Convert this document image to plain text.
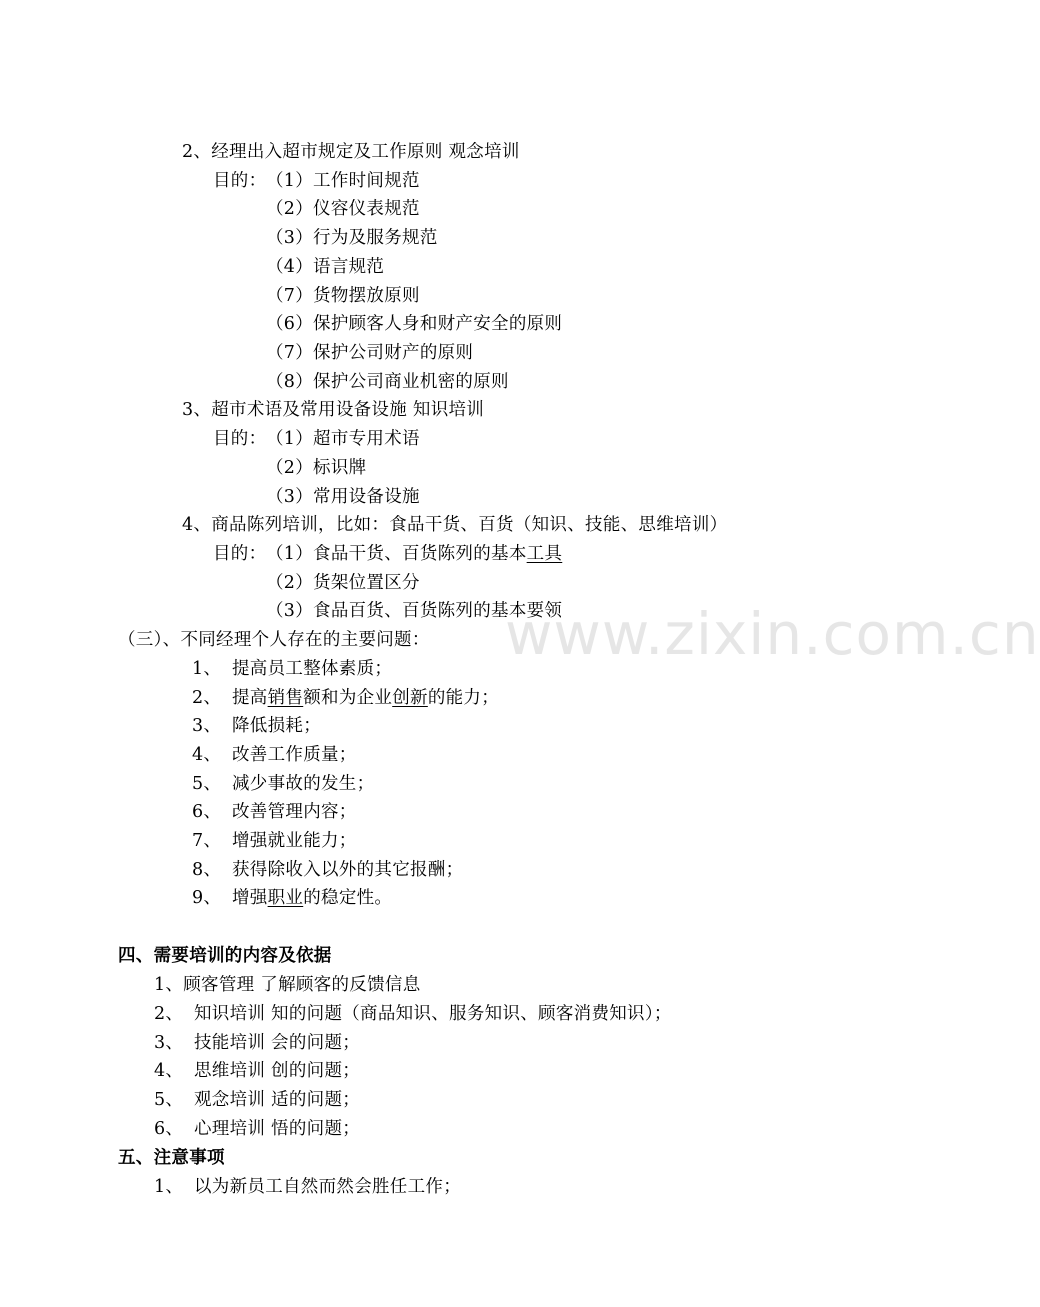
www.zixin.com.cn
2、经理出入超市规定及工作原则 观念培训
目的： （1）工作时间规范
（2）仪容仪表规范
（3）行为及服务规范
（4）语言规范
（7）货物摆放原则
（6）保护顾客人身和财产安全的原则
（7）保护公司财产的原则
（8）保护公司商业机密的原则
3、超市术语及常用设备设施 知识培训
目的： （1）超市专用术语
（2）标识牌
（3）常用设备设施
4、商品陈列培训，比如：食品干货、百货（知识、技能、思维培训）
目的： （1）食品干货、百货陈列的基本工具
（2）货架位置区分
（3）食品百货、百货陈列的基本要领
（三）、不同经理个人存在的主要问题：
1、 提高员工整体素质；
2、 提高销售额和为企业创新的能力；
3、 降低损耗；
4、 改善工作质量；
5、 减少事故的发生；
6、 改善管理内容；
7、 增强就业能力；
8、 获得除收入以外的其它报酬；
9、 增强职业的稳定性。
四、需要培训的内容及依据
1、顾客管理 了解顾客的反馈信息
2、 知识培训 知的问题（商品知识、服务知识、顾客消费知识）；
3、 技能培训 会的问题；
4、 思维培训 创的问题；
5、 观念培训 适的问题；
6、 心理培训 悟的问题；
五、注意事项
1、 以为新员工自然而然会胜任工作；
